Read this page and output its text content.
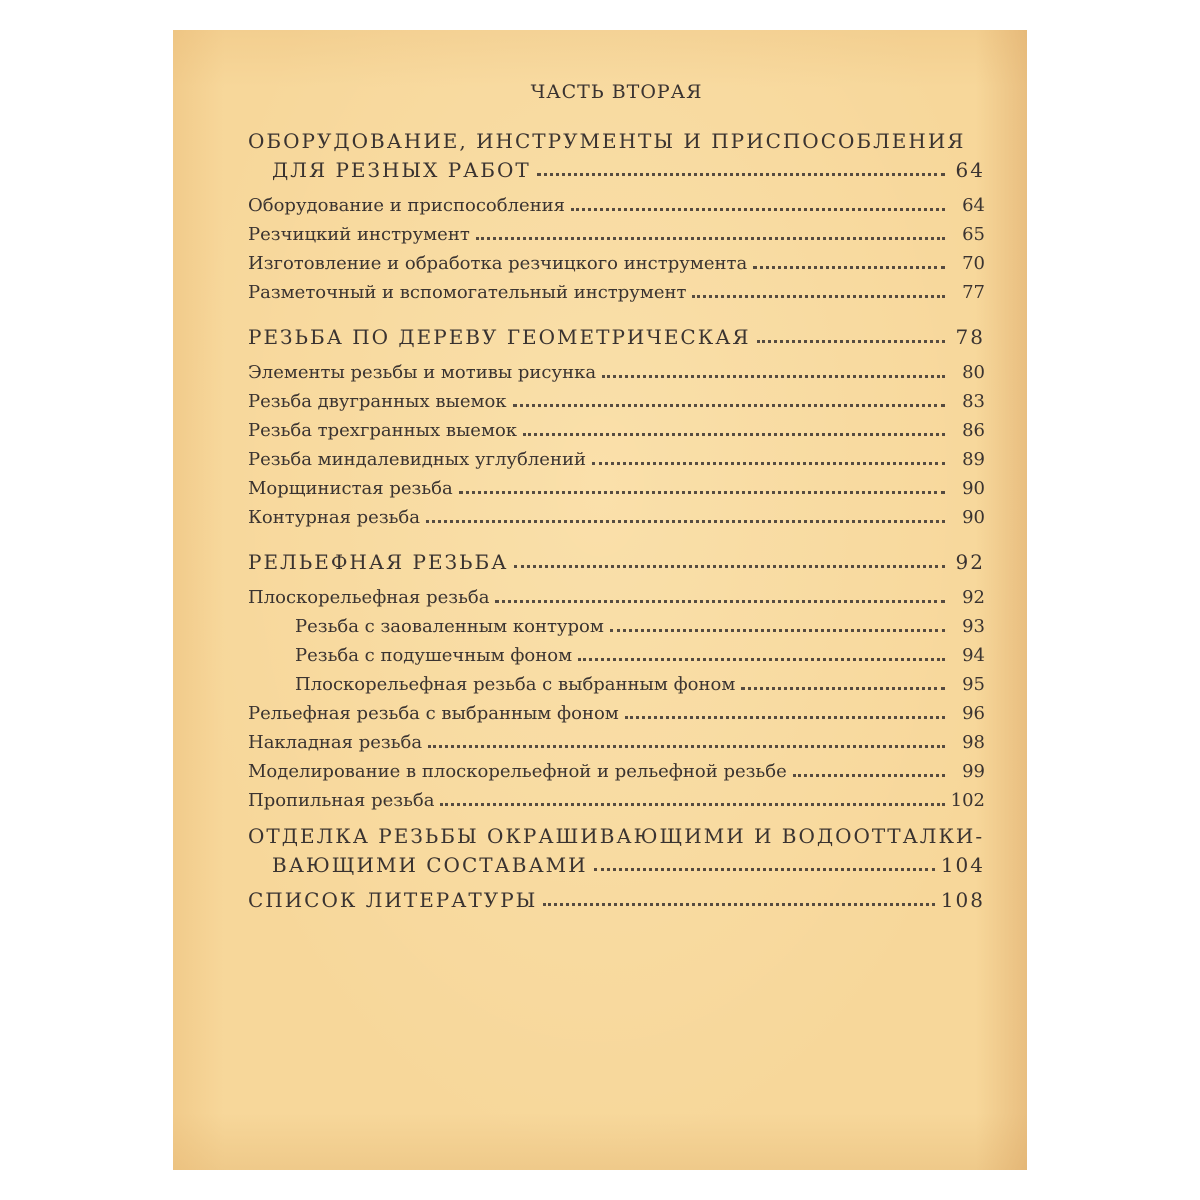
ЧАСТЬ ВТОРАЯ
ОБОРУДОВАНИЕ, ИНСТРУМЕНТЫ И ПРИСПОСОБЛЕНИЯ
ДЛЯ РЕЗНЫХ РАБОТ	64
Оборудование и приспособления	64
Резчицкий инструмент	65
Изготовление и обработка резчицкого инструмента	70
Разметочный и вспомогательный инструмент	77
РЕЗЬБА ПО ДЕРЕВУ ГЕОМЕТРИЧЕСКАЯ	78
Элементы резьбы и мотивы рисунка	80
Резьба двугранных выемок	83
Резьба трехгранных выемок	86
Резьба миндалевидных углублений	89
Морщинистая резьба	90
Контурная резьба	90
РЕЛЬЕФНАЯ РЕЗЬБА	92
Плоскорельефная резьба	92
Резьба с заоваленным контуром	93
Резьба с подушечным фоном	94
Плоскорельефная резьба с выбранным фоном	95
Рельефная резьба с выбранным фоном	96
Накладная резьба	98
Моделирование в плоскорельефной и рельефной резьбе	99
Пропильная резьба	102
ОТДЕЛКА РЕЗЬБЫ ОКРАШИВАЮЩИМИ И ВОДООТТАЛКИ-
ВАЮЩИМИ СОСТАВАМИ	104
СПИСОК ЛИТЕРАТУРЫ	108
